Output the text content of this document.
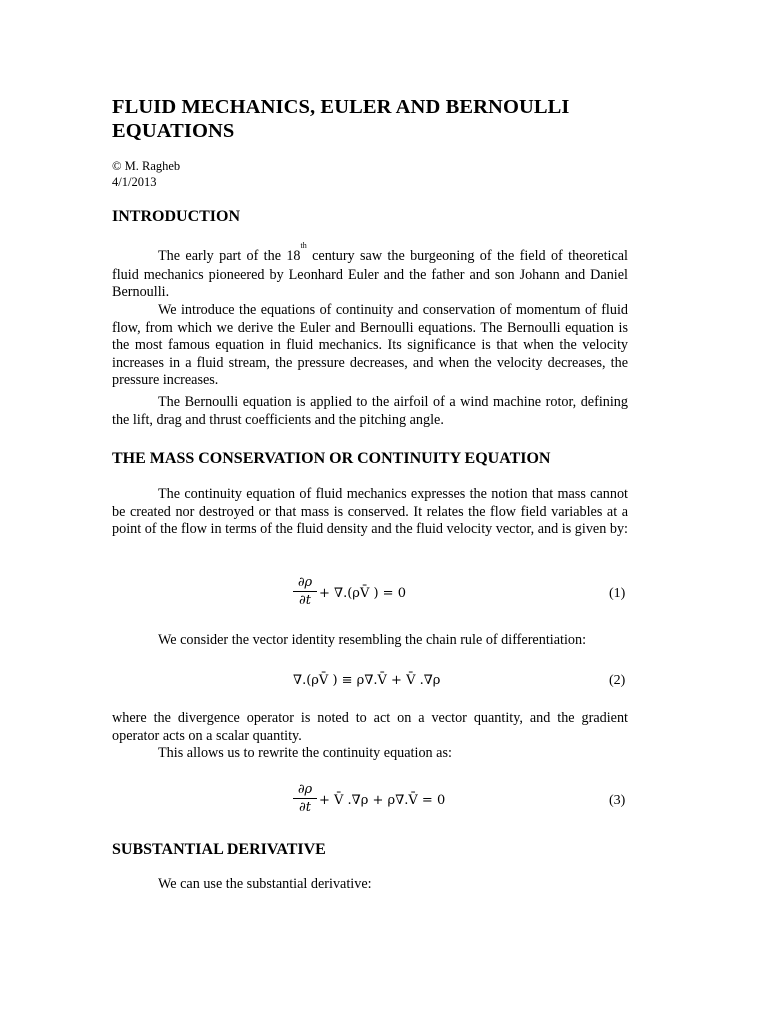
FLUID MECHANICS, EULER AND BERNOULLI
EQUATIONS
© M. Ragheb
4/1/2013
INTRODUCTION
The early part of the 18th century saw the burgeoning of the field of theoretical fluid mechanics pioneered by Leonhard Euler and the father and son Johann and Daniel Bernoulli.
We introduce the equations of continuity and conservation of momentum of fluid flow, from which we derive the Euler and Bernoulli equations. The Bernoulli equation is the most famous equation in fluid mechanics. Its significance is that when the velocity increases in a fluid stream, the pressure decreases, and when the velocity decreases, the pressure increases.
The Bernoulli equation is applied to the airfoil of a wind machine rotor, defining the lift, drag and thrust coefficients and the pitching angle.
THE MASS CONSERVATION OR CONTINUITY EQUATION
The continuity equation of fluid mechanics expresses the notion that mass cannot be created nor destroyed or that mass is conserved. It relates the flow field variables at a point of the flow in terms of the fluid density and the fluid velocity vector, and is given by:
∂ρ
∂t + ∇.(ρV̄ ) = 0	(1)
We consider the vector identity resembling the chain rule of differentiation:
∇.(ρV̄ ) ≡ ρ∇.V̄ + V̄ .∇ρ	(2)
where the divergence operator is noted to act on a vector quantity, and the gradient operator acts on a scalar quantity.
This allows us to rewrite the continuity equation as:
∂ρ
∂t + V̄ .∇ρ + ρ∇.V̄ = 0	(3)
SUBSTANTIAL DERIVATIVE
We can use the substantial derivative:
